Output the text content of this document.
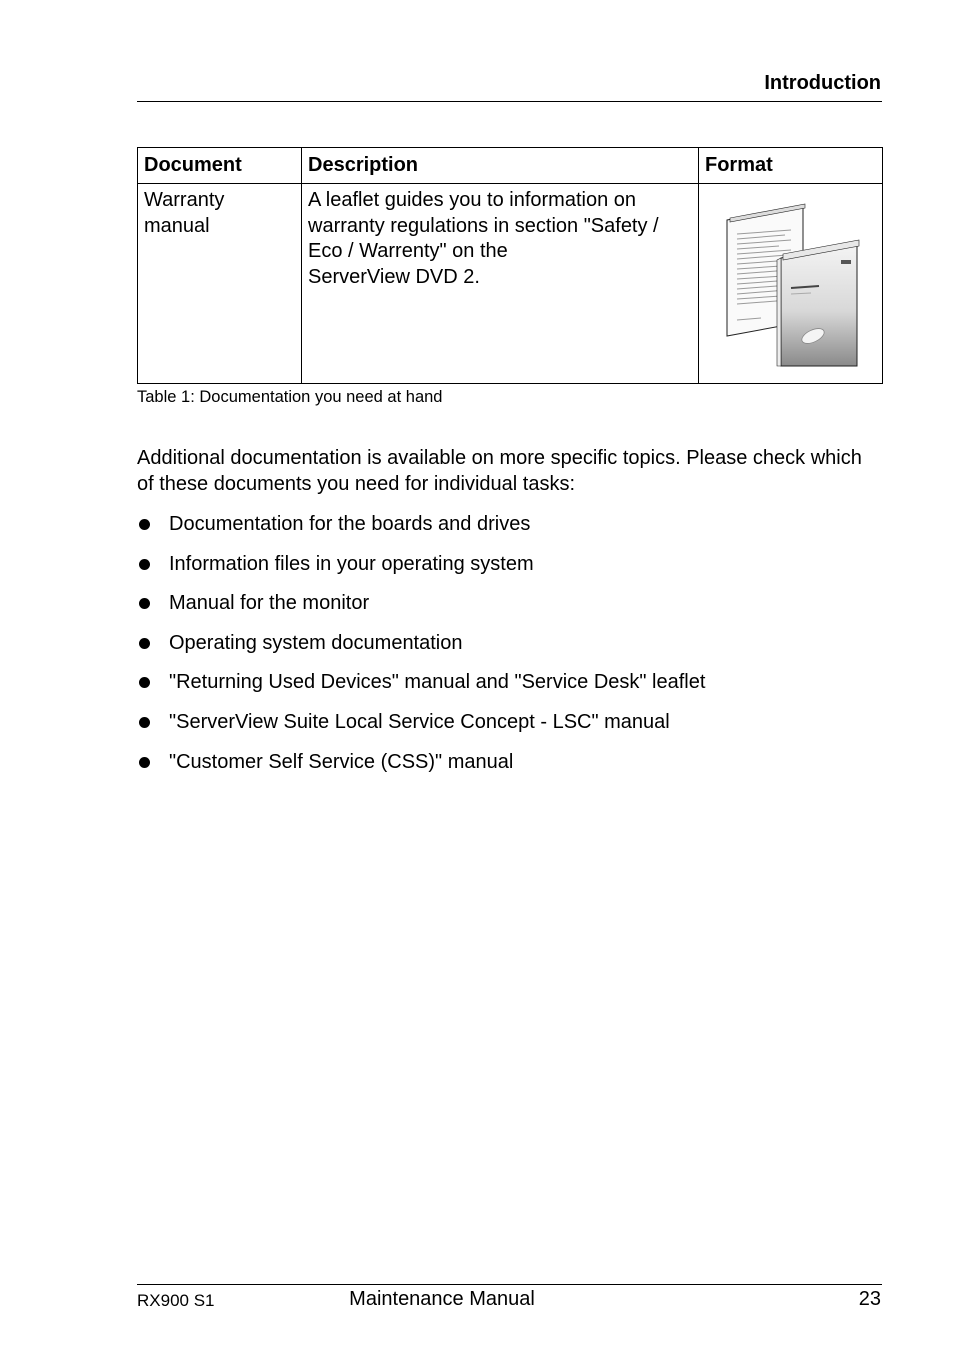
Introduction
Document	Description	Format
Warranty manual	A leaflet guides you to information on
warranty regulations in section "Safety /
Eco / Warrenty" on the
ServerView DVD 2.

Table 1: Documentation you need at hand

Additional documentation is available on more specific topics. Please check which of these documents you need for individual tasks:

Documentation for the boards and drives
Information files in your operating system
Manual for the monitor
Operating system documentation
"Returning Used Devices" manual and "Service Desk" leaflet
"ServerView Suite Local Service Concept - LSC" manual
"Customer Self Service (CSS)" manual
RX900 S1	Maintenance Manual	23
